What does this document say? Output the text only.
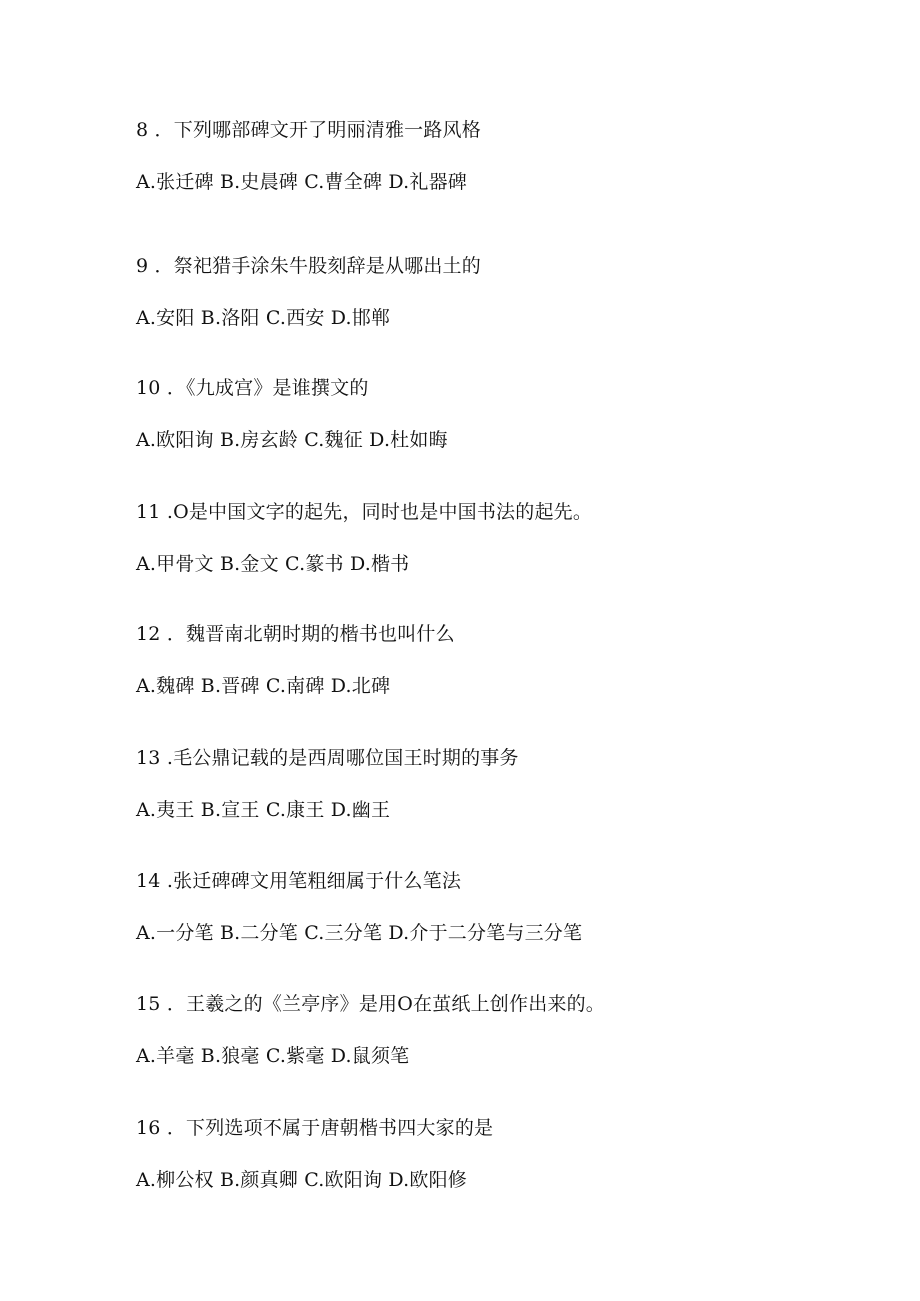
8 ．下列哪部碑文开了明丽清雅一路风格
A.张迁碑 B.史晨碑 C.曹全碑 D.礼器碑
9 ．祭祀猎手涂朱牛股刻辞是从哪出土的
A.安阳 B.洛阳 C.西安 D.邯郸
10 ．《九成宫》是谁撰文的
A.欧阳询 B.房玄龄 C.魏征 D.杜如晦
11 .O是中国文字的起先，同时也是中国书法的起先。
A.甲骨文 B.金文 C.篆书 D.楷书
12 ．魏晋南北朝时期的楷书也叫什么
A.魏碑 B.晋碑 C.南碑 D.北碑
13 .毛公鼎记载的是西周哪位国王时期的事务
A.夷王 B.宣王 C.康王 D.幽王
14 .张迁碑碑文用笔粗细属于什么笔法
A.一分笔 B.二分笔 C.三分笔 D.介于二分笔与三分笔
15 ．王羲之的《兰亭序》是用O在茧纸上创作出来的。
A.羊毫 B.狼毫 C.紫毫 D.鼠须笔
16 ．下列选项不属于唐朝楷书四大家的是
A.柳公权 B.颜真卿 C.欧阳询 D.欧阳修
